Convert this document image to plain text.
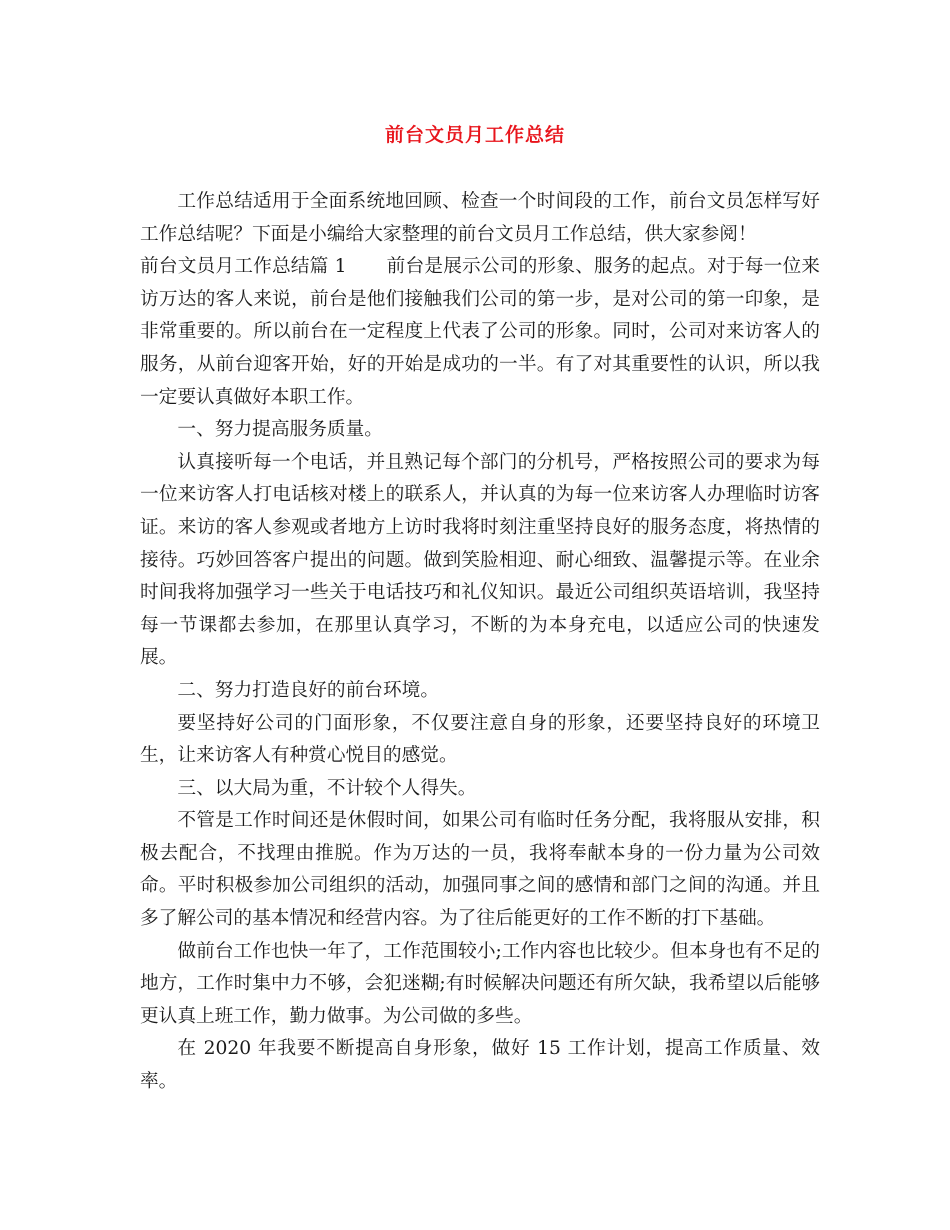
前台文员月工作总结

工作总结适用于全面系统地回顾、检查一个时间段的工作，前台文员怎样写好工作总结呢？下面是小编给大家整理的前台文员月工作总结，供大家参阅！

前台文员月工作总结篇 1 前台是展示公司的形象、服务的起点。对于每一位来访万达的客人来说，前台是他们接触我们公司的第一步，是对公司的第一印象，是非常重要的。所以前台在一定程度上代表了公司的形象。同时，公司对来访客人的服务，从前台迎客开始，好的开始是成功的一半。有了对其重要性的认识，所以我一定要认真做好本职工作。

一、努力提高服务质量。

认真接听每一个电话，并且熟记每个部门的分机号，严格按照公司的要求为每一位来访客人打电话核对楼上的联系人，并认真的为每一位来访客人办理临时访客证。来访的客人参观或者地方上访时我将时刻注重坚持良好的服务态度，将热情的接待。巧妙回答客户提出的问题。做到笑脸相迎、耐心细致、温馨提示等。在业余时间我将加强学习一些关于电话技巧和礼仪知识。最近公司组织英语培训，我坚持每一节课都去参加，在那里认真学习，不断的为本身充电，以适应公司的快速发展。

二、努力打造良好的前台环境。

要坚持好公司的门面形象，不仅要注意自身的形象，还要坚持良好的环境卫生，让来访客人有种赏心悦目的感觉。

三、以大局为重，不计较个人得失。

不管是工作时间还是休假时间，如果公司有临时任务分配，我将服从安排，积极去配合，不找理由推脱。作为万达的一员，我将奉献本身的一份力量为公司效命。平时积极参加公司组织的活动，加强同事之间的感情和部门之间的沟通。并且多了解公司的基本情况和经营内容。为了往后能更好的工作不断的打下基础。

做前台工作也快一年了，工作范围较小;工作内容也比较少。但本身也有不足的地方，工作时集中力不够，会犯迷糊;有时候解决问题还有所欠缺，我希望以后能够更认真上班工作，勤力做事。为公司做的多些。

在 2020 年我要不断提高自身形象，做好 15 工作计划，提高工作质量、效率。
